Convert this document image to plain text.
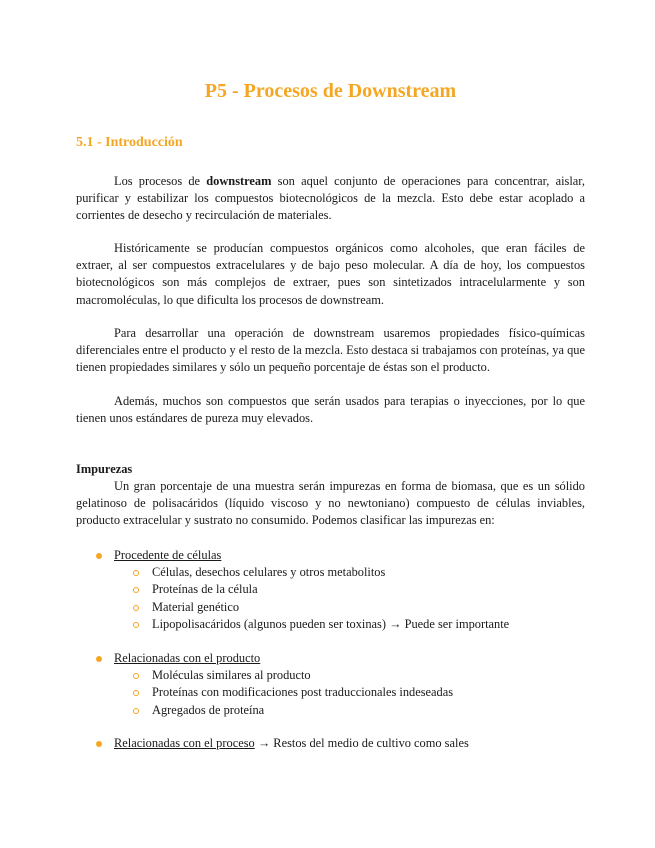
P5 - Procesos de Downstream
5.1 - Introducción

Los procesos de downstream son aquel conjunto de operaciones para concentrar, aislar, purificar y estabilizar los compuestos biotecnológicos de la mezcla. Esto debe estar acoplado a corrientes de desecho y recirculación de materiales.

Históricamente se producían compuestos orgánicos como alcoholes, que eran fáciles de extraer, al ser compuestos extracelulares y de bajo peso molecular. A día de hoy, los compuestos biotecnológicos son más complejos de extraer, pues son sintetizados intracelularmente y son macromoléculas, lo que dificulta los procesos de downstream.

Para desarrollar una operación de downstream usaremos propiedades físico-químicas diferenciales entre el producto y el resto de la mezcla. Esto destaca si trabajamos con proteínas, ya que tienen propiedades similares y sólo un pequeño porcentaje de éstas son el producto.

Además, muchos son compuestos que serán usados para terapias o inyecciones, por lo que tienen unos estándares de pureza muy elevados.

Impurezas

Un gran porcentaje de una muestra serán impurezas en forma de biomasa, que es un sólido gelatinoso de polisacáridos (líquido viscoso y no newtoniano) compuesto de células inviables, producto extracelular y sustrato no consumido. Podemos clasificar las impurezas en:

Procedente de células
Células, desechos celulares y otros metabolitos
Proteínas de la célula
Material genético
Lipopolisacáridos (algunos pueden ser toxinas) → Puede ser importante
Relacionadas con el producto
Moléculas similares al producto
Proteínas con modificaciones post traduccionales indeseadas
Agregados de proteína
Relacionadas con el proceso → Restos del medio de cultivo como sales
